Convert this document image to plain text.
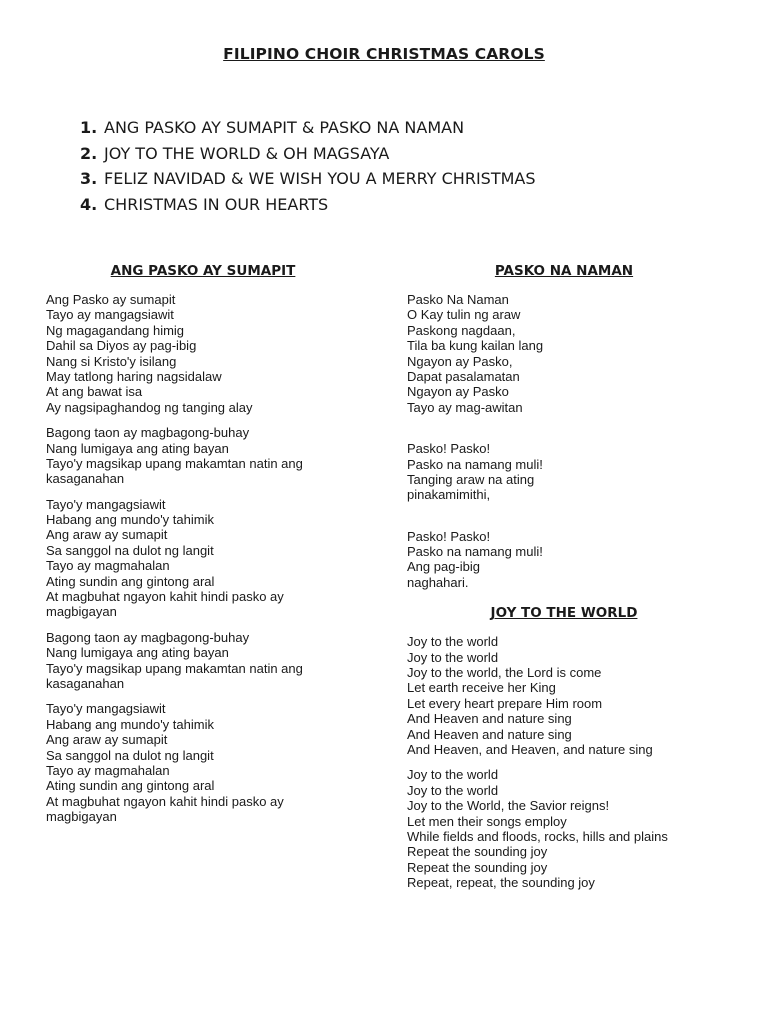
FILIPINO CHOIR CHRISTMAS CAROLS
1. ANG PASKO AY SUMAPIT & PASKO NA NAMAN
2. JOY TO THE WORLD & OH MAGSAYA
3. FELIZ NAVIDAD & WE WISH YOU A MERRY CHRISTMAS
4. CHRISTMAS IN OUR HEARTS
ANG PASKO AY SUMAPIT
Ang Pasko ay sumapit
Tayo ay mangagsiawit
Ng magagandang himig
Dahil sa Diyos ay pag-ibig
Nang si Kristo'y isilang
May tatlong haring nagsidalaw
At ang bawat isa
Ay nagsipaghandog ng tanging alay
Bagong taon ay magbagong-buhay
Nang lumigaya ang ating bayan
Tayo'y magsikap upang makamtan natin ang
kasaganahan
Tayo'y mangagsiawit
Habang ang mundo'y tahimik
Ang araw ay sumapit
Sa sanggol na dulot ng langit
Tayo ay magmahalan
Ating sundin ang gintong aral
At magbuhat ngayon kahit hindi pasko ay
magbigayan
Bagong taon ay magbagong-buhay
Nang lumigaya ang ating bayan
Tayo'y magsikap upang makamtan natin ang
kasaganahan
Tayo'y mangagsiawit
Habang ang mundo'y tahimik
Ang araw ay sumapit
Sa sanggol na dulot ng langit
Tayo ay magmahalan
Ating sundin ang gintong aral
At magbuhat ngayon kahit hindi pasko ay
magbigayan
PASKO NA NAMAN
Pasko Na Naman
O Kay tulin ng araw
Paskong nagdaan,
Tila ba kung kailan lang
Ngayon ay Pasko,
Dapat pasalamatan
Ngayon ay Pasko
Tayo ay mag-awitan
Pasko! Pasko!
Pasko na namang muli!
Tanging araw na ating
pinakamimithi,
Pasko! Pasko!
Pasko na namang muli!
Ang pag-ibig
naghahari.
JOY TO THE WORLD
Joy to the world
Joy to the world
Joy to the world, the Lord is come
Let earth receive her King
Let every heart prepare Him room
And Heaven and nature sing
And Heaven and nature sing
And Heaven, and Heaven, and nature sing
Joy to the world
Joy to the world
Joy to the World, the Savior reigns!
Let men their songs employ
While fields and floods, rocks, hills and plains
Repeat the sounding joy
Repeat the sounding joy
Repeat, repeat, the sounding joy
